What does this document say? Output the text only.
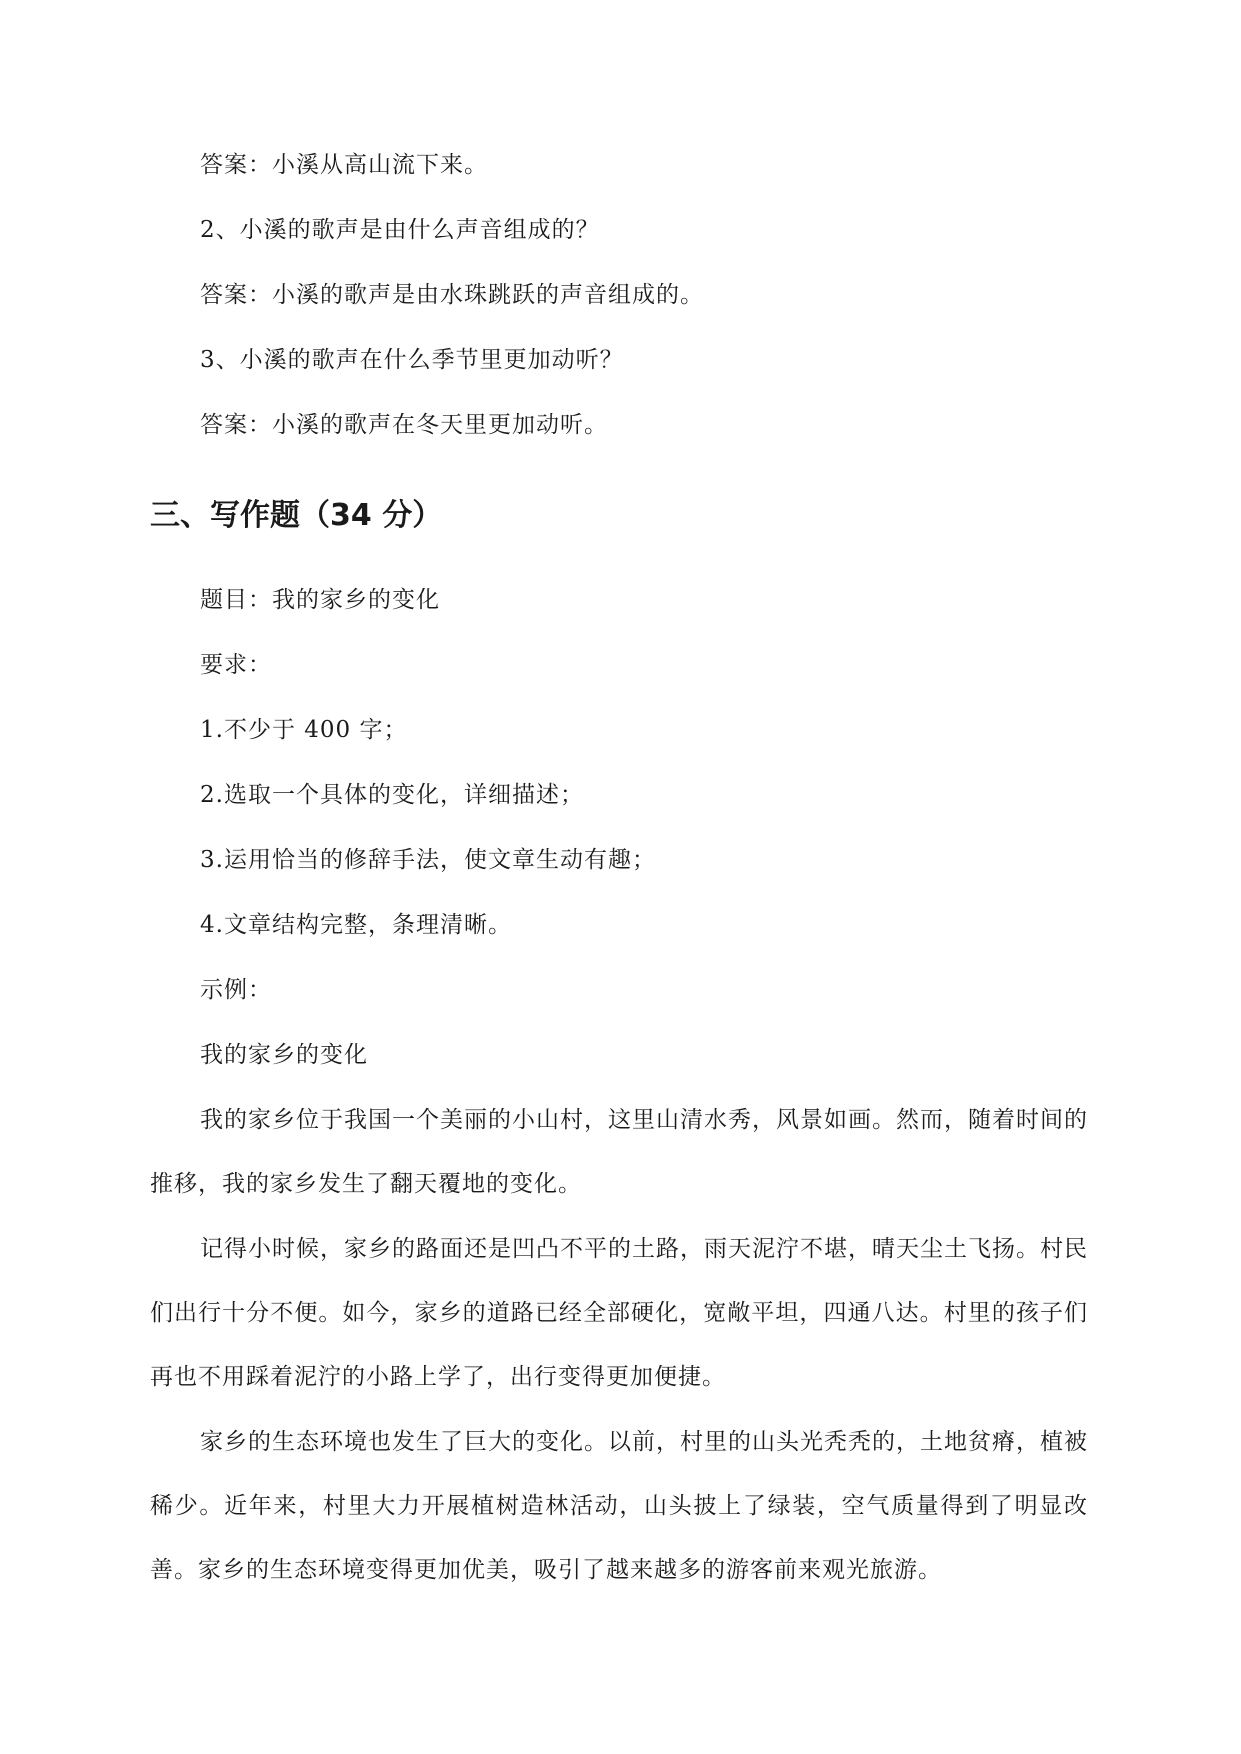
答案：小溪从高山流下来。
2、小溪的歌声是由什么声音组成的？
答案：小溪的歌声是由水珠跳跃的声音组成的。
3、小溪的歌声在什么季节里更加动听？
答案：小溪的歌声在冬天里更加动听。
三、写作题（34 分）
题目：我的家乡的变化
要求：
1.不少于 400 字；
2.选取一个具体的变化，详细描述；
3.运用恰当的修辞手法，使文章生动有趣；
4.文章结构完整，条理清晰。
示例：
我的家乡的变化
我的家乡位于我国一个美丽的小山村，这里山清水秀，风景如画。然而，随着时间的推移，我的家乡发生了翻天覆地的变化。
记得小时候，家乡的路面还是凹凸不平的土路，雨天泥泞不堪，晴天尘土飞扬。村民们出行十分不便。如今，家乡的道路已经全部硬化，宽敞平坦，四通八达。村里的孩子们再也不用踩着泥泞的小路上学了，出行变得更加便捷。
家乡的生态环境也发生了巨大的变化。以前，村里的山头光秃秃的，土地贫瘠，植被稀少。近年来，村里大力开展植树造林活动，山头披上了绿装，空气质量得到了明显改善。家乡的生态环境变得更加优美，吸引了越来越多的游客前来观光旅游。
